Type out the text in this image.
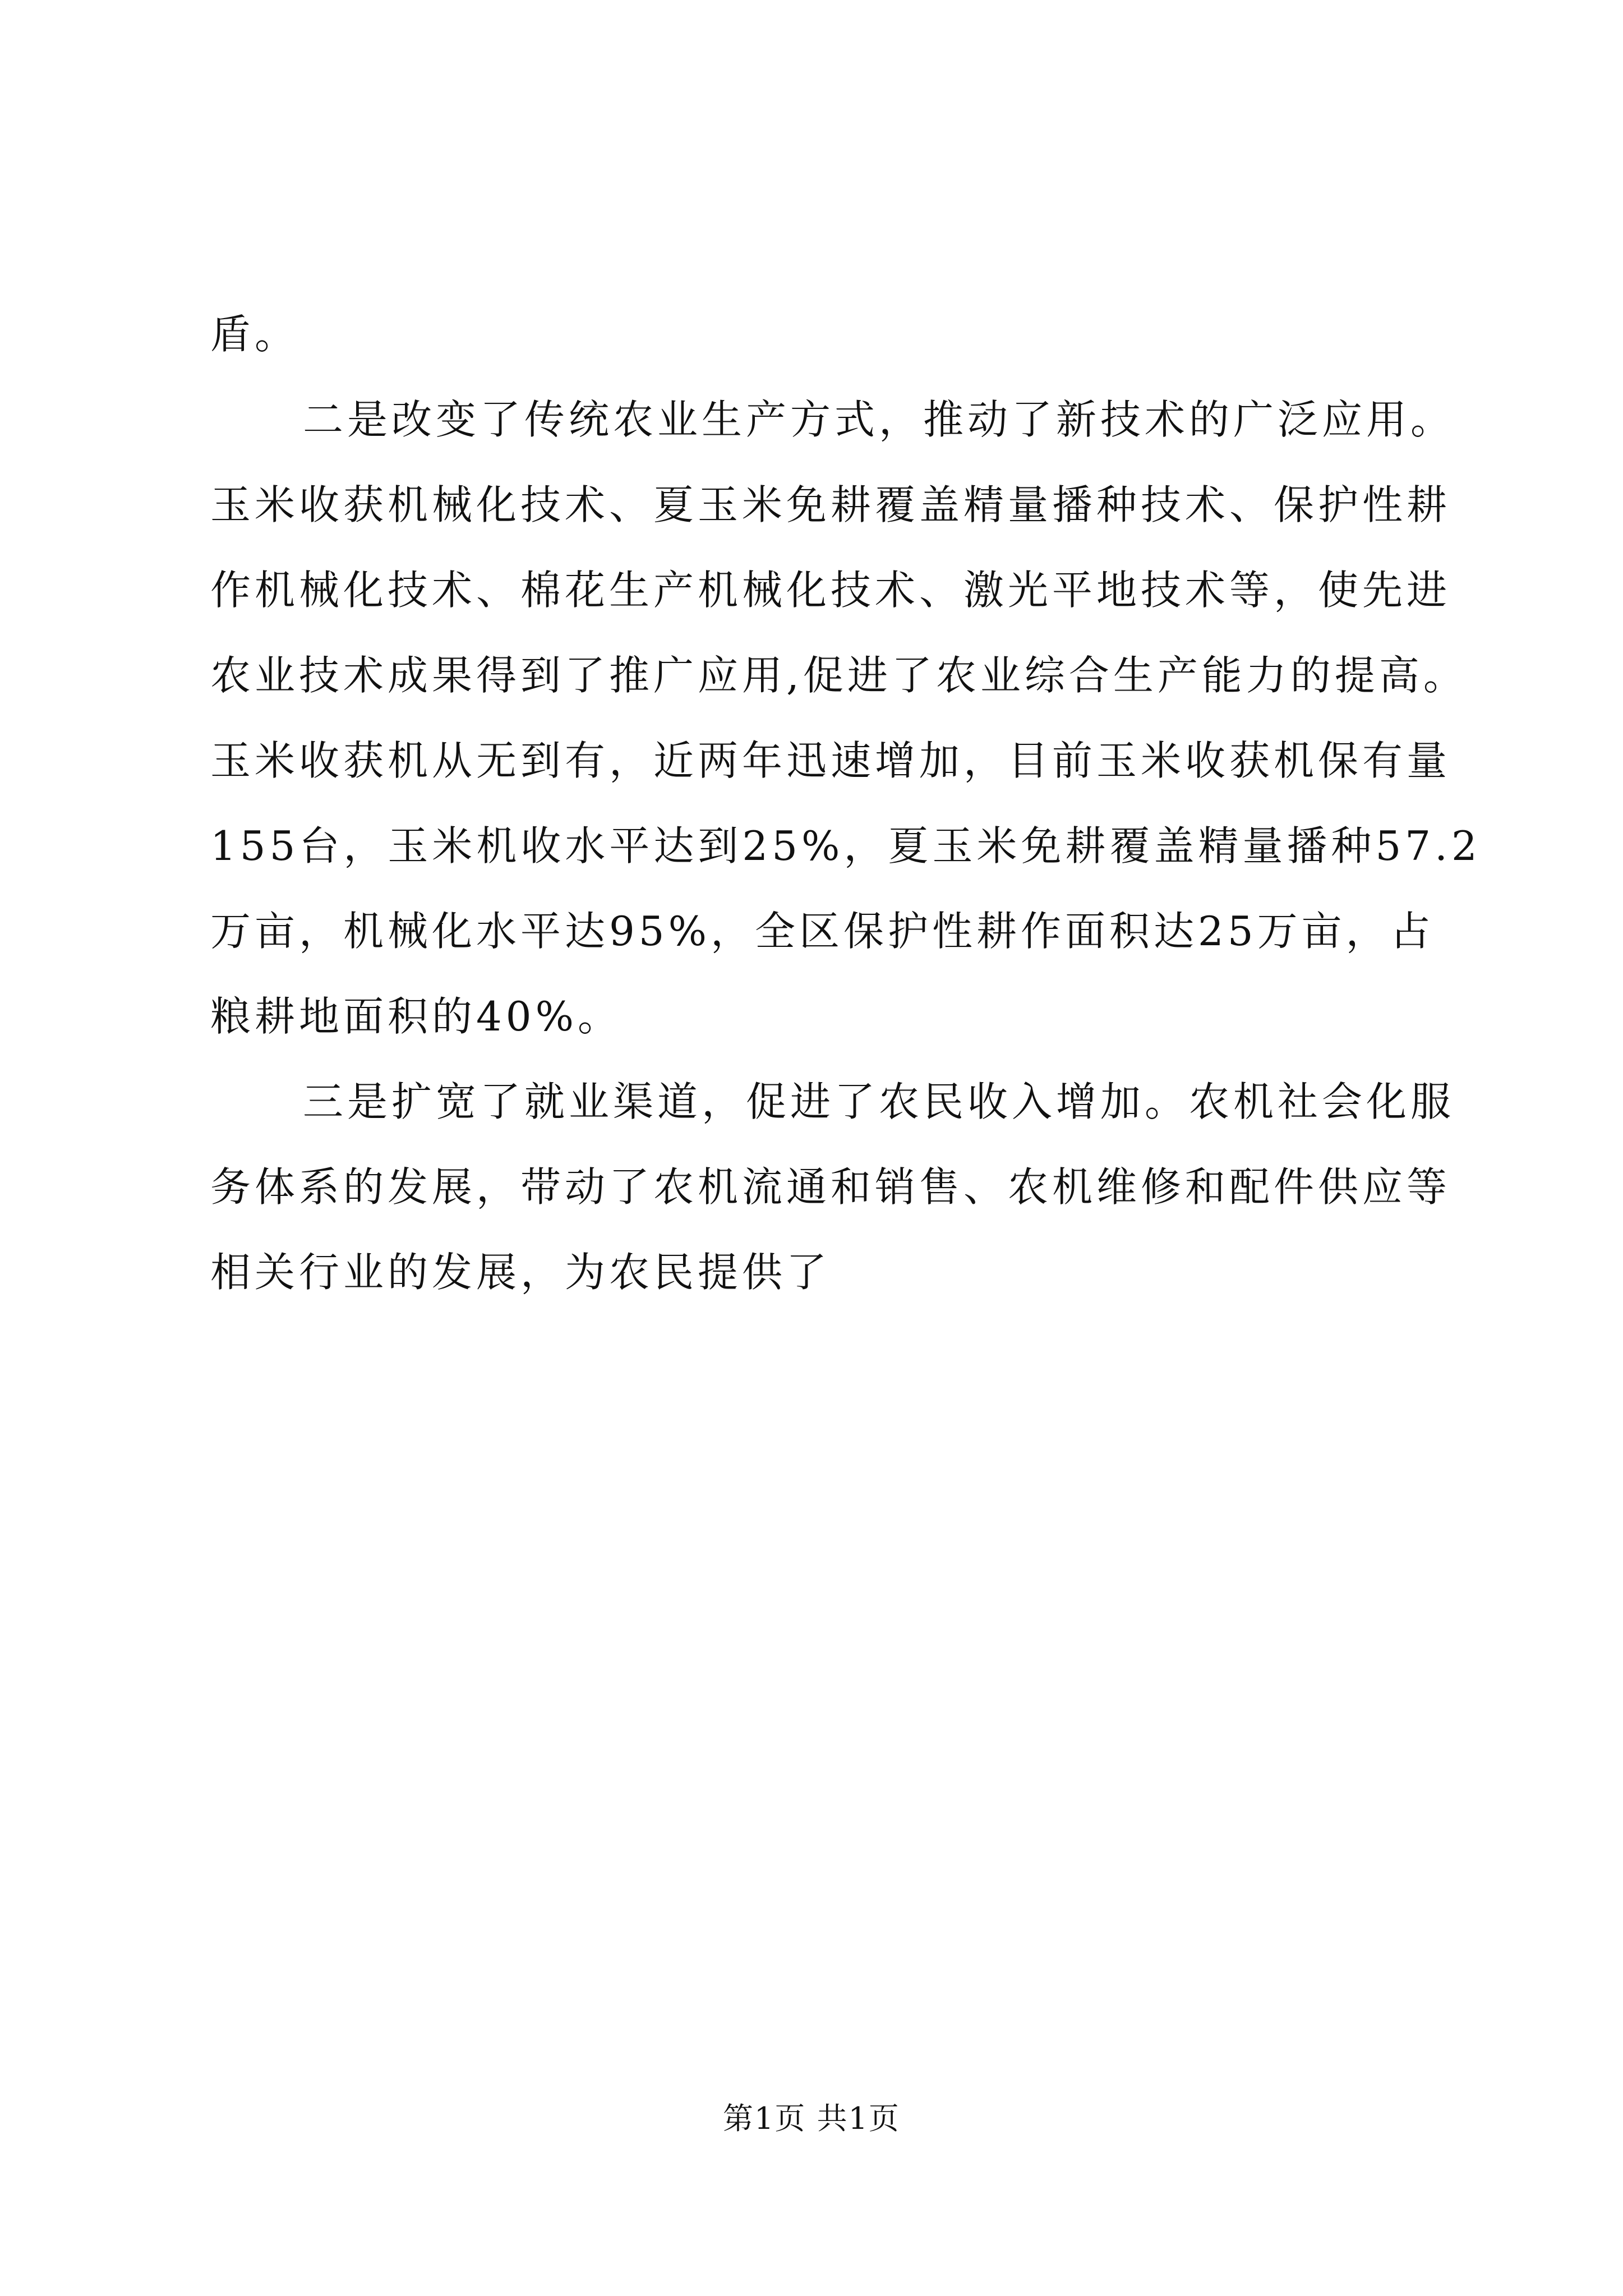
盾。
二是改变了传统农业生产方式，推动了新技术的广泛应用。
玉米收获机械化技术、夏玉米免耕覆盖精量播种技术、保护性耕
作机械化技术、棉花生产机械化技术、激光平地技术等，使先进
农业技术成果得到了推广应用,促进了农业综合生产能力的提高。
玉米收获机从无到有，近两年迅速增加，目前玉米收获机保有量
155台，玉米机收水平达到25%，夏玉米免耕覆盖精量播种57.2
万亩，机械化水平达95%，全区保护性耕作面积达25万亩，占
粮耕地面积的40%。
三是扩宽了就业渠道，促进了农民收入增加。农机社会化服
务体系的发展，带动了农机流通和销售、农机维修和配件供应等
相关行业的发展，为农民提供了
第1页 共1页
